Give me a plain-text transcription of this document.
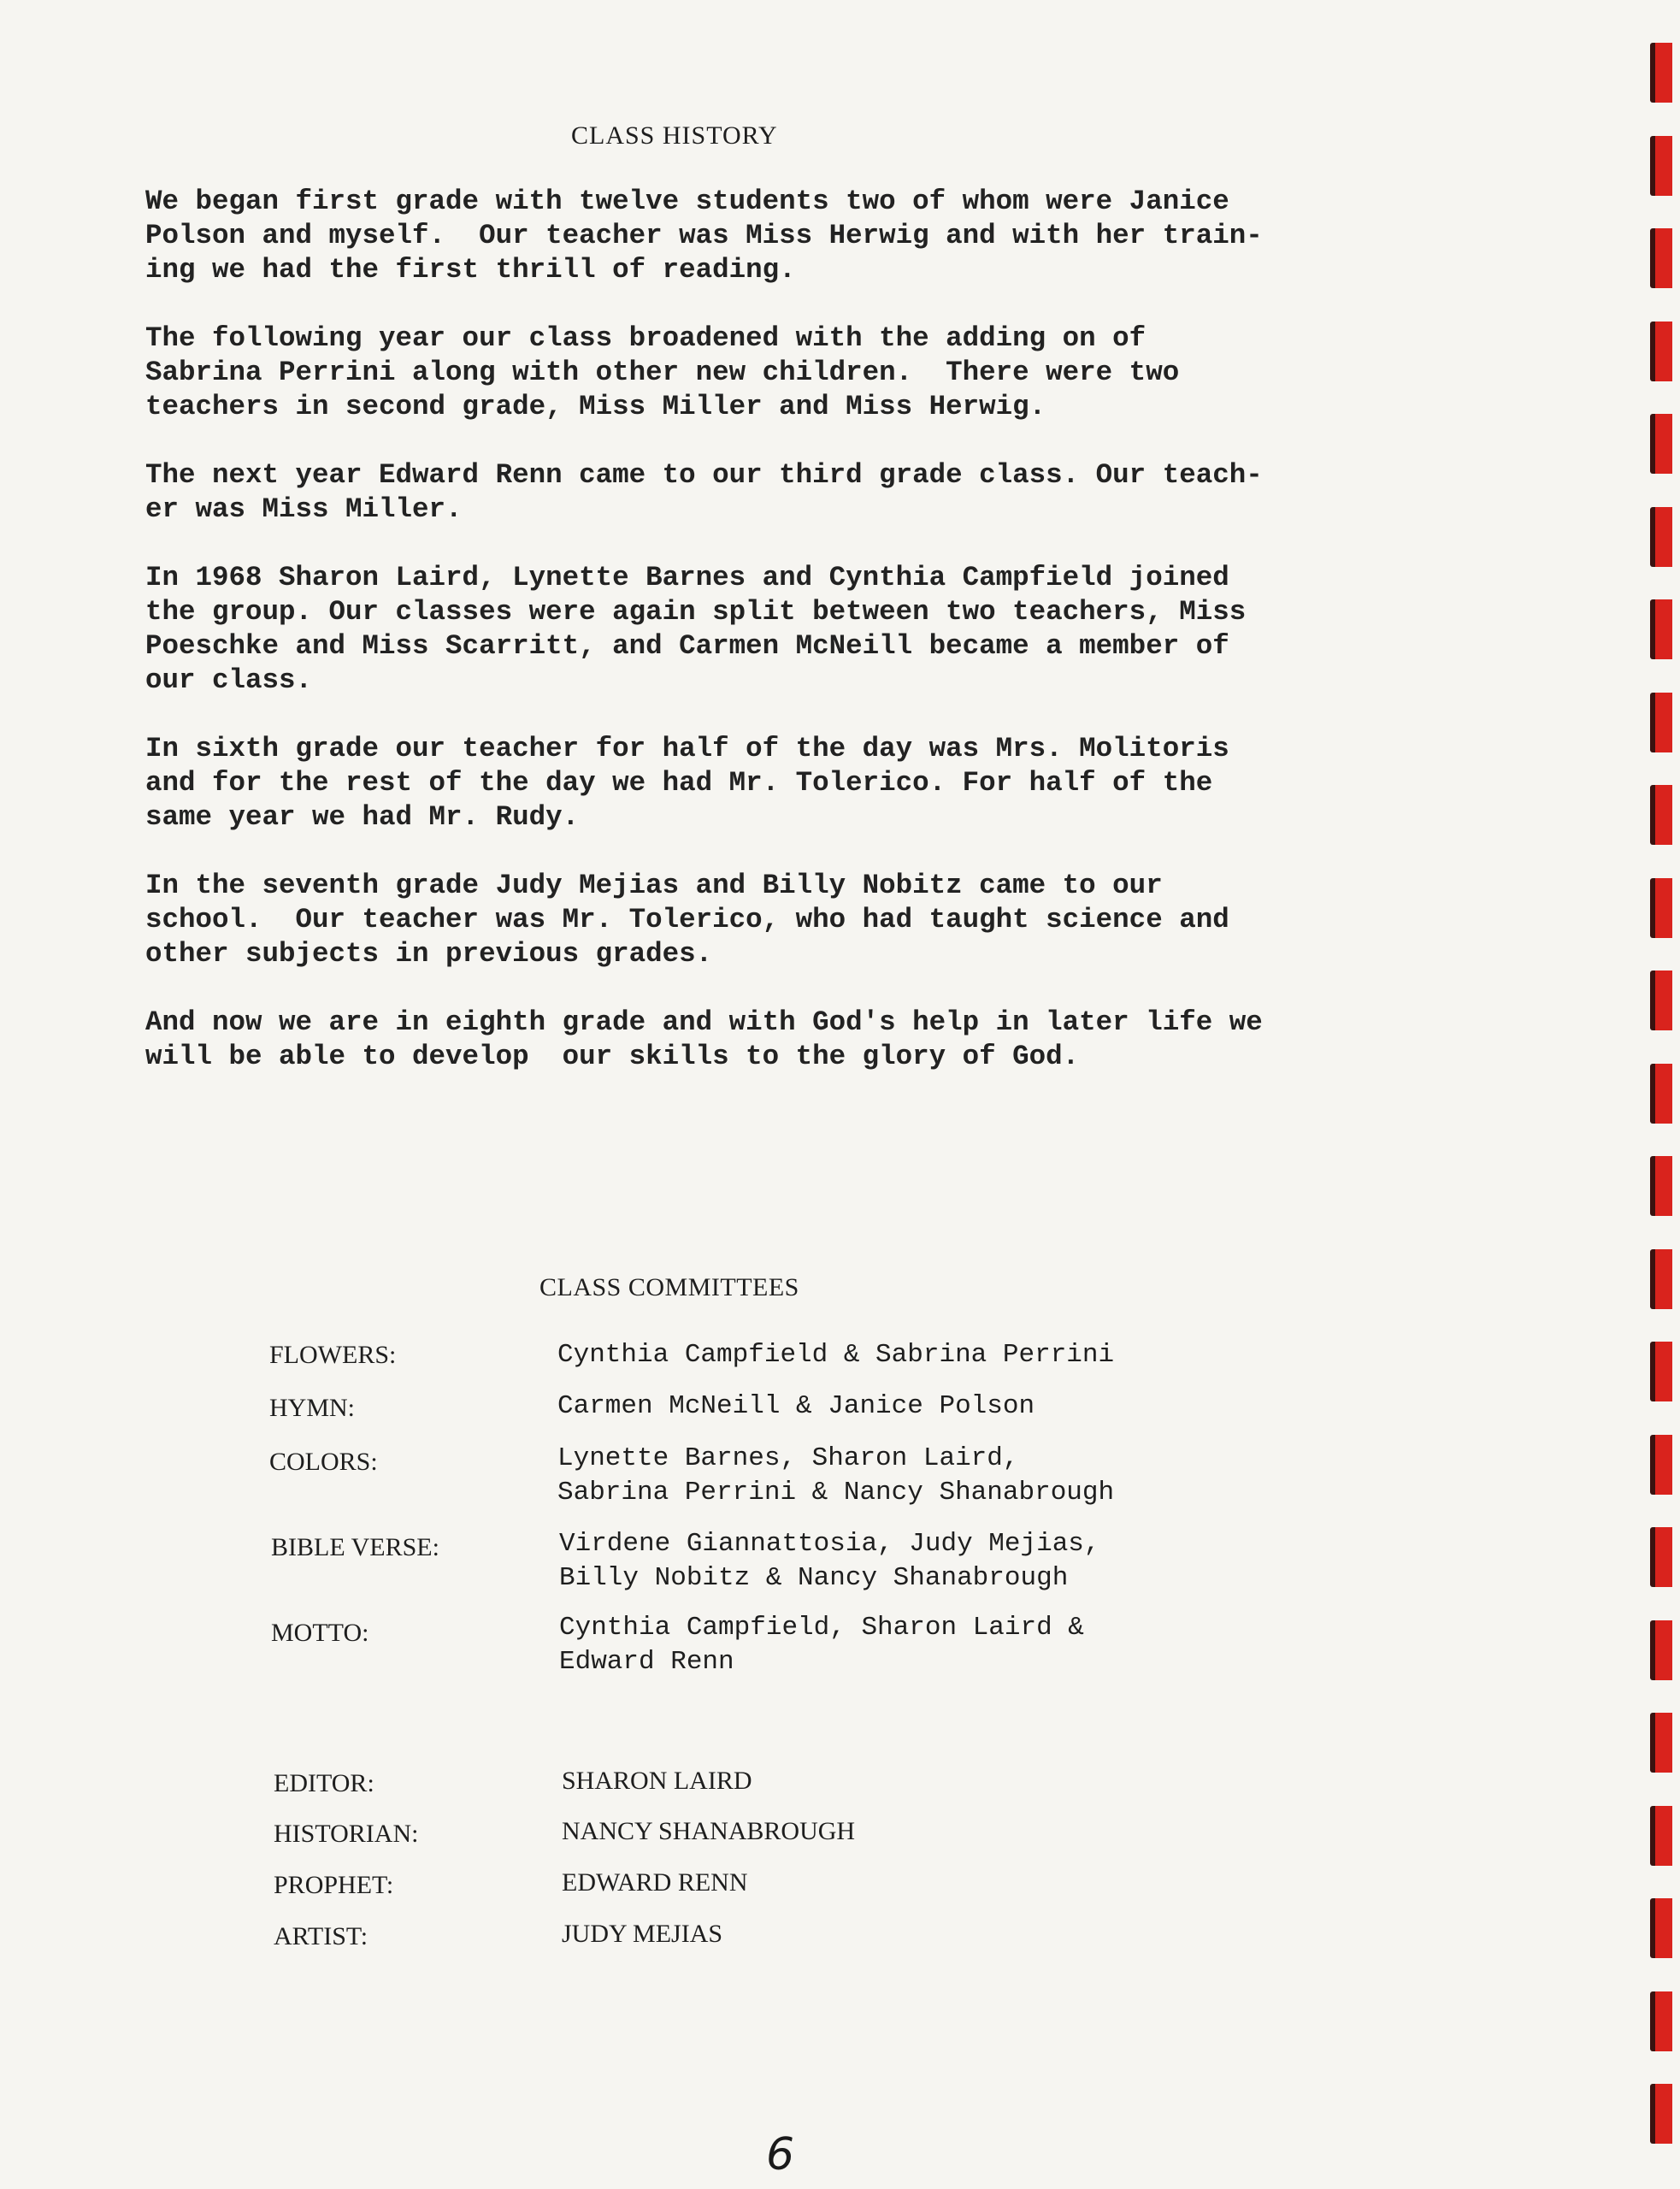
CLASS HISTORY

We began first grade with twelve students two of whom were Janice
Polson and myself.  Our teacher was Miss Herwig and with her train-
ing we had the first thrill of reading.

The following year our class broadened with the adding on of
Sabrina Perrini along with other new children.  There were two
teachers in second grade, Miss Miller and Miss Herwig.

The next year Edward Renn came to our third grade class. Our teach-
er was Miss Miller.

In 1968 Sharon Laird, Lynette Barnes and Cynthia Campfield joined
the group. Our classes were again split between two teachers, Miss
Poeschke and Miss Scarritt, and Carmen McNeill became a member of
our class.

In sixth grade our teacher for half of the day was Mrs. Molitoris
and for the rest of the day we had Mr. Tolerico. For half of the
same year we had Mr. Rudy.

In the seventh grade Judy Mejias and Billy Nobitz came to our
school.  Our teacher was Mr. Tolerico, who had taught science and
other subjects in previous grades.

And now we are in eighth grade and with God's help in later life we
will be able to develop  our skills to the glory of God.

CLASS COMMITTEES
FLOWERS:	Cynthia Campfield & Sabrina Perrini
HYMN:	Carmen McNeill & Janice Polson
COLORS:	Lynette Barnes, Sharon Laird,
Sabrina Perrini & Nancy Shanabrough
BIBLE VERSE:	Virdene Giannattosia, Judy Mejias,
Billy Nobitz & Nancy Shanabrough
MOTTO:	Cynthia Campfield, Sharon Laird &
Edward Renn
EDITOR:	SHARON LAIRD
HISTORIAN:	NANCY SHANABROUGH
PROPHET:	EDWARD RENN
ARTIST:	JUDY MEJIAS
6
